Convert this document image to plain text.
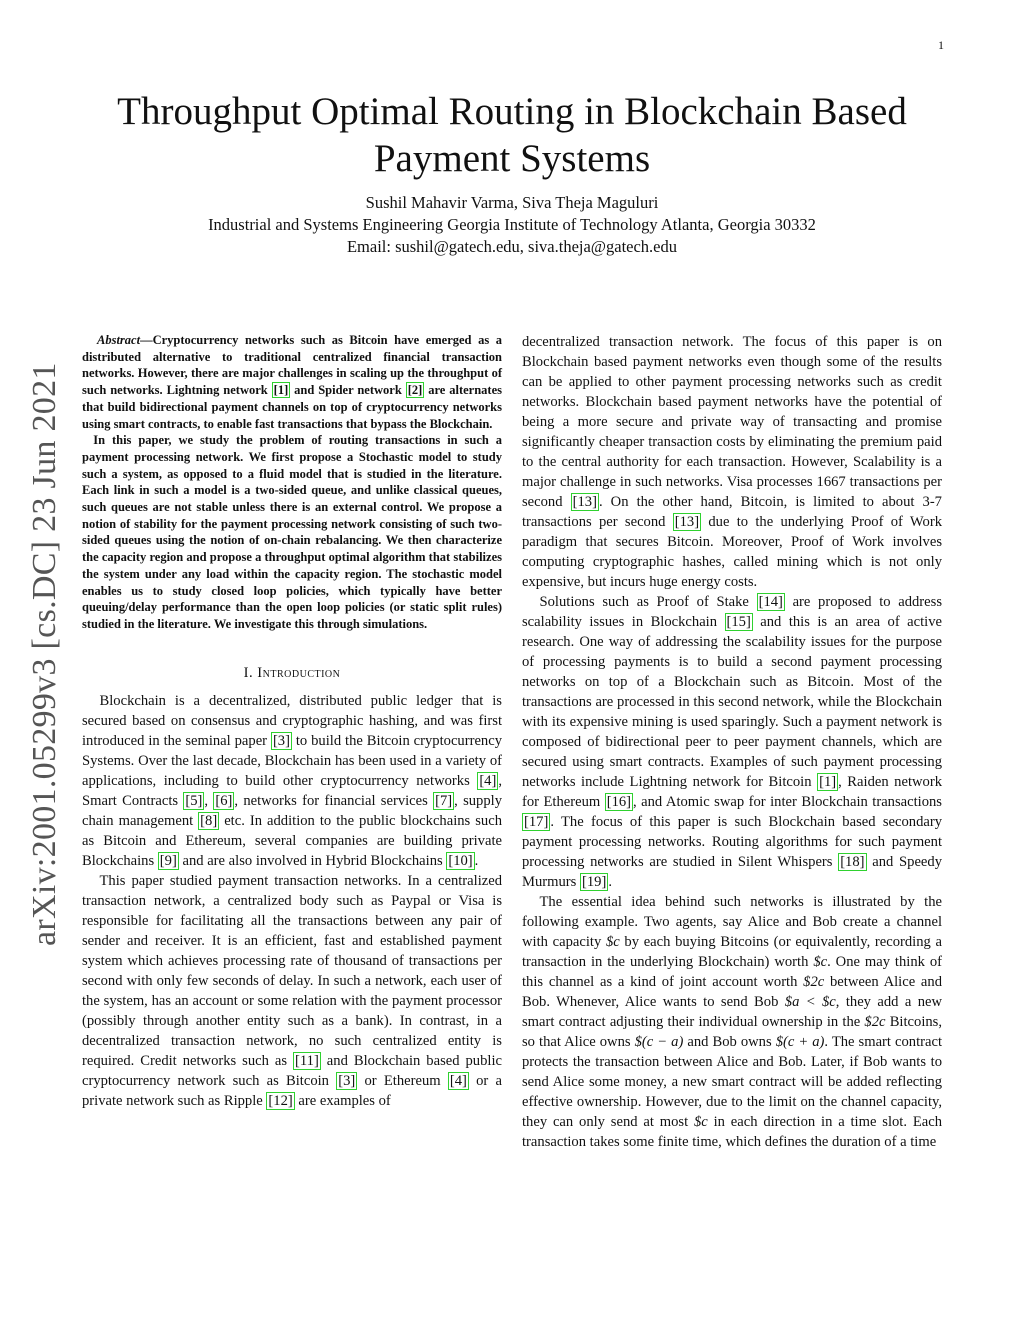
1
arXiv:2001.05299v3 [cs.DC] 23 Jun 2021
Throughput Optimal Routing in Blockchain Based
Payment Systems
Sushil Mahavir Varma, Siva Theja Maguluri
Industrial and Systems Engineering Georgia Institute of Technology Atlanta, Georgia 30332
Email: sushil@gatech.edu, siva.theja@gatech.edu

Abstract—Cryptocurrency networks such as Bitcoin have emerged as a distributed alternative to traditional centralized financial transaction networks. However, there are major challenges in scaling up the throughput of such networks. Lightning network [1] and Spider network [2] are alternates that build bidirectional payment channels on top of cryptocurrency networks using smart contracts, to enable fast transactions that bypass the Blockchain.

In this paper, we study the problem of routing transactions in such a payment processing network. We first propose a Stochastic model to study such a system, as opposed to a fluid model that is studied in the literature. Each link in such a model is a two-sided queue, and unlike classical queues, such queues are not stable unless there is an external control. We propose a notion of stability for the payment processing network consisting of such two-sided queues using the notion of on-chain rebalancing. We then characterize the capacity region and propose a throughput optimal algorithm that stabilizes the system under any load within the capacity region. The stochastic model enables us to study closed loop policies, which typically have better queuing/delay performance than the open loop policies (or static split rules) studied in the literature. We investigate this through simulations.

I. Introduction

Blockchain is a decentralized, distributed public ledger that is secured based on consensus and cryptographic hashing, and was first introduced in the seminal paper [3] to build the Bitcoin cryptocurrency Systems. Over the last decade, Blockchain has been used in a variety of applications, including to build other cryptocurrency networks [4] , Smart Contracts [5] , [6] , networks for financial services [7] , supply chain management [8] etc. In addition to the public blockchains such as Bitcoin and Ethereum, several companies are building private Blockchains [9] and are also involved in Hybrid Blockchains [10] .

This paper studied payment transaction networks. In a centralized transaction network, a centralized body such as Paypal or Visa is responsible for facilitating all the transactions between any pair of sender and receiver. It is an efficient, fast and established payment system which achieves processing rate of thousand of transactions per second with only few seconds of delay. In such a network, each user of the system, has an account or some relation with the payment processor (possibly through another entity such as a bank). In contrast, in a decentralized transaction network, no such centralized entity is required. Credit networks such as [11] and Blockchain based public cryptocurrency network such as Bitcoin [3] or Ethereum [4] or a private network such as Ripple [12] are examples of

decentralized transaction network. The focus of this paper is on Blockchain based payment networks even though some of the results can be applied to other payment processing networks such as credit networks. Blockchain based payment networks have the potential of being a more secure and private way of transacting and promise significantly cheaper transaction costs by eliminating the premium paid to the central authority for each transaction. However, Scalability is a major challenge in such networks. Visa processes 1667 transactions per second [13] . On the other hand, Bitcoin, is limited to about 3-7 transactions per second [13] due to the underlying Proof of Work paradigm that secures Bitcoin. Moreover, Proof of Work involves computing cryptographic hashes, called mining which is not only expensive, but incurs huge energy costs.

Solutions such as Proof of Stake [14] are proposed to address scalability issues in Blockchain [15] and this is an area of active research. One way of addressing the scalability issues for the purpose of processing payments is to build a second payment processing networks on top of a Blockchain such as Bitcoin. Most of the transactions are processed in this second network, while the Blockchain with its expensive mining is used sparingly. Such a payment network is composed of bidirectional peer to peer payment channels, which are secured using smart contracts. Examples of such payment processing networks include Lightning network for Bitcoin [1] , Raiden network for Ethereum [16] , and Atomic swap for inter Blockchain transactions [17] . The focus of this paper is such Blockchain based secondary payment processing networks. Routing algorithms for such payment processing networks are studied in Silent Whispers [18] and Speedy Murmurs [19] .

The essential idea behind such networks is illustrated by the following example. Two agents, say Alice and Bob create a channel with capacity $c by each buying Bitcoins (or equivalently, recording a transaction in the underlying Blockchain) worth $c. One may think of this channel as a kind of joint account worth $2c between Alice and Bob. Whenever, Alice wants to send Bob $a < $c, they add a new smart contract adjusting their individual ownership in the $2c Bitcoins, so that Alice owns $(c − a) and Bob owns $(c + a). The smart contract protects the transaction between Alice and Bob. Later, if Bob wants to send Alice some money, a new smart contract will be added reflecting effective ownership. However, due to the limit on the channel capacity, they can only send at most $c in each direction in a time slot. Each transaction takes some finite time, which defines the duration of a time
